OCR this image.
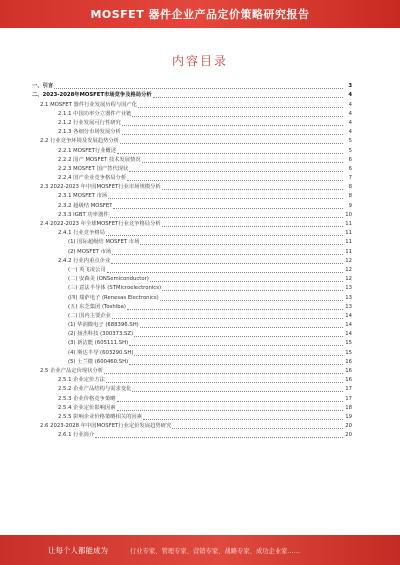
MOSFET 器件企业产品定价策略研究报告
内容目录
一、引言	3
二、2023-2028年MOSFET市场竞争及格局分析	4
2.1 MOSFET 器件行业发展历程与国产化	4
2.1.1 中国功率分立器件产业链	4
2.1.2 行业发展可行性研究	4
2.1.3 各细分市场发展分析	4
2.2 行业竞争环境及发展趋势分析	5
2.2.1 MOSFET行业概述	5
2.2.2 国产 MOSFET 技术发展情况	6
2.2.3 MOSFET 国产替代现状	6
2.2.4 国产企业竞争格局分析	7
2.3 2022-2023 年中国MOSFET行业市场规模分析	8
2.3.1 MOSFET 市场	8
2.3.2 超级结 MOSFET	9
2.3.3 IGBT 功率器件	10
2.4 2022-2023 年全球MOSFET行业竞争格局分析	11
2.4.1 行业竞争格局	11
(1) 国际超级结 MOSFET 市场	11
(2) MOSFET 市场	11
2.4.2 行业内重点企业	12
(一) 英飞凌公司	12
(二) 安森美 (ONSemiconductor)	12
(三) 意法半导体 (STMicroelectronics)	13
(四) 瑞萨电子 (Renesas Electronics)	13
(五) 东芝集团 (Toshiba)	13
(二) 国内主要企业	14
(1) 华润微电子 (688396.SH)	14
(2) 扬杰科技 (300373.SZ)	14
(3) 新洁能 (605111.SH)	15
(4) 斯达半导 (603290.SH)	15
(5) 士兰微 (600460.SH)	16
2.5 企业产品定价现状分析	16
2.5.1 企业定价方法	16
2.5.2 企业产品结构与需求变化	17
2.5.3 企业价格竞争策略	17
2.5.4 企业定价影响因素	18
2.5.5 影响企业价格策略相关的因素	19
2.6 2023-2028 年中国MOSFET行业定价发展趋势研究	20
2.6.1 行业简介	20
让每个人都能成为	行业专家、管理专家、营销专家、战略专家、成功企业家……
